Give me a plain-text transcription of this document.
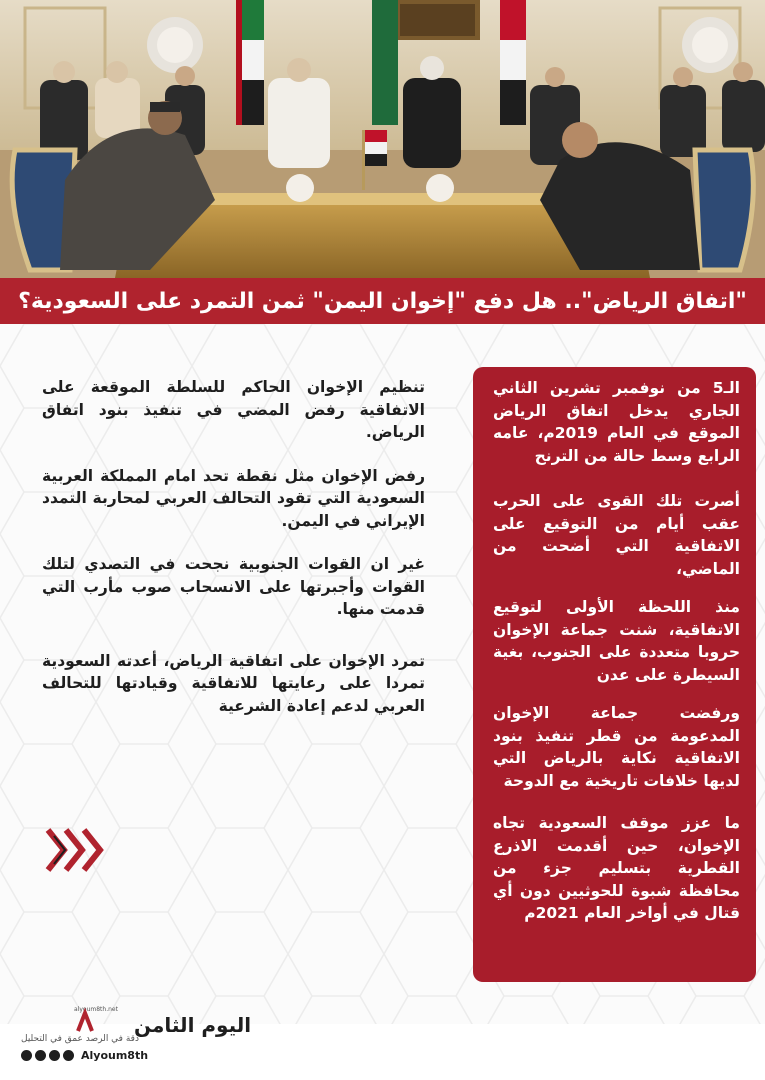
"اتفاق الرياض".. هل دفع "إخوان اليمن" ثمن التمرد على السعودية؟

تنظيم الإخوان الحاكم للسلطة الموقعة على الاتفاقية رفض المضي في تنفيذ بنود اتفاق الرياض.

رفض الإخوان مثل نقطة تحد امام المملكة العربية السعودية التي تقود التحالف العربي لمحاربة التمدد الإيراني في اليمن.

غير ان القوات الجنوبية نجحت في التصدي لتلك القوات وأجبرتها على الانسحاب صوب مأرب التي قدمت منها.

تمرد الإخوان على اتفاقية الرياض، أعدته السعودية تمردا على رعايتها للاتفاقية وقيادتها للتحالف العربي لدعم إعادة الشرعية

الـ5 من نوفمبر تشرين الثاني الجاري يدخل اتفاق الرياض الموقع في العام 2019م، عامه الرابع وسط حالة من الترنح

أصرت تلك القوى على الحرب عقب أيام من التوقيع على الاتفاقية التي أضحت من الماضي،

منذ اللحظة الأولى لتوقيع الاتفاقية، شنت جماعة الإخوان حروبا متعددة على الجنوب، بغية السيطرة على عدن

ورفضت جماعة الإخوان المدعومة من قطر تنفيذ بنود الاتفاقية نكاية بالرياض التي لديها خلافات تاريخية مع الدوحة

ما عزز موقف السعودية تجاه الإخوان، حين أقدمت الاذرع القطرية بتسليم جزء من محافظة شبوة للحوثيين دون أي قتال في أواخر العام 2021م

alyoum8th.net
اليوم الثامن
دقة في الرصد عمق في التحليل
Alyoum8th
